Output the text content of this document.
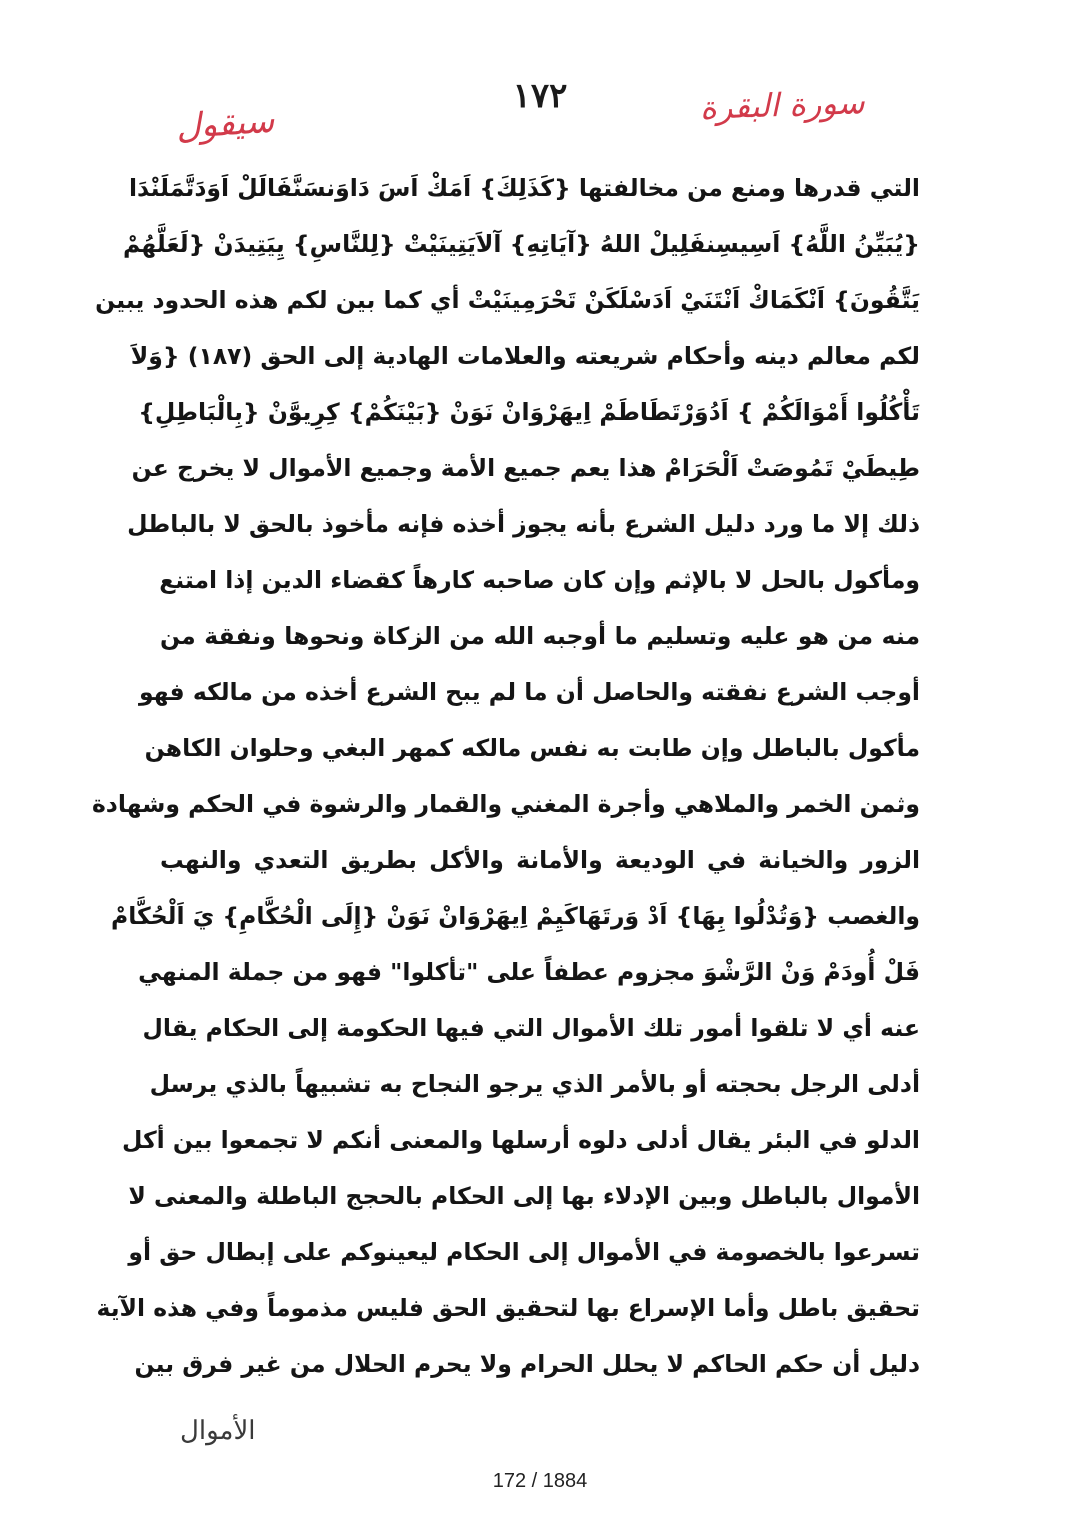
١٧٢	سورة البقرة
سيقول
التي قدرها ومنع من مخالفتها {كَذَلِكَ} اَمَكْ اَسَ دَاوَنسَنَّفَالَلْ اَوَدَتَّمَلَنْدَا
{يُبَيِّنُ اللَّهُ} اَسِيسِنفَلِيلْ اللهُ {آيَاتِهِ} آلاَيَتِينَيْتْ {لِلنَّاسِ} يِيَتِيدَنْ {لَعَلَّهُمْ
يَتَّقُونَ} اَنْكَمَاكْ اَنْتَنَيْ اَدَسْلَكَنْ تَحْرَمِينَيْتْ أي كما بين لكم هذه الحدود يبين
لكم معالم دينه وأحكام شريعته والعلامات الهادية إلى الحق (١٨٧) {وَلاَ
تَأْكُلُوا أَمْوَالَكُمْ } اَدُوَرْتَطَاطَمْ اِيهَرْوَانْ نَوَنْ {بَيْنَكُمْ} كِرِيوَّنْ {بِالْبَاطِلِ}
طِيطَيْ تَمُوصَتْ اَلْحَرَامْ هذا يعم جميع الأمة وجميع الأموال لا يخرج عن
ذلك إلا ما ورد دليل الشرع بأنه يجوز أخذه فإنه مأخوذ بالحق لا بالباطل
ومأكول بالحل لا بالإثم وإن كان صاحبه كارهاً كقضاء الدين إذا امتنع
منه من هو عليه وتسليم ما أوجبه الله من الزكاة ونحوها ونفقة من
أوجب الشرع نفقته والحاصل أن ما لم يبح الشرع أخذه من مالكه فهو
مأكول بالباطل وإن طابت به نفس مالكه كمهر البغي وحلوان الكاهن
وثمن الخمر والملاهي وأجرة المغني والقمار والرشوة في الحكم وشهادة
الزور والخيانة في الوديعة والأمانة والأكل بطريق التعدي والنهب
والغصب {وَتُدْلُوا بِهَا} اَدْ وَرتَهَاكَيِمْ اِيهَرْوَانْ نَوَنْ {إِلَى الْحُكَّامِ} يَ اَلْحُكَّامْ
فَلْ أُودَمْ وَنْ الرَّشْوَ مجزوم عطفاً على "تأكلوا" فهو من جملة المنهي
عنه أي لا تلقوا أمور تلك الأموال التي فيها الحكومة إلى الحكام يقال
أدلى الرجل بحجته أو بالأمر الذي يرجو النجاح به تشبيهاً بالذي يرسل
الدلو في البئر يقال أدلى دلوه أرسلها والمعنى أنكم لا تجمعوا بين أكل
الأموال بالباطل وبين الإدلاء بها إلى الحكام بالحجج الباطلة والمعنى لا
تسرعوا بالخصومة في الأموال إلى الحكام ليعينوكم على إبطال حق أو
تحقيق باطل وأما الإسراع بها لتحقيق الحق فليس مذموماً وفي هذه الآية
دليل أن حكم الحاكم لا يحلل الحرام ولا يحرم الحلال من غير فرق بين
الأموال
172 / 1884
